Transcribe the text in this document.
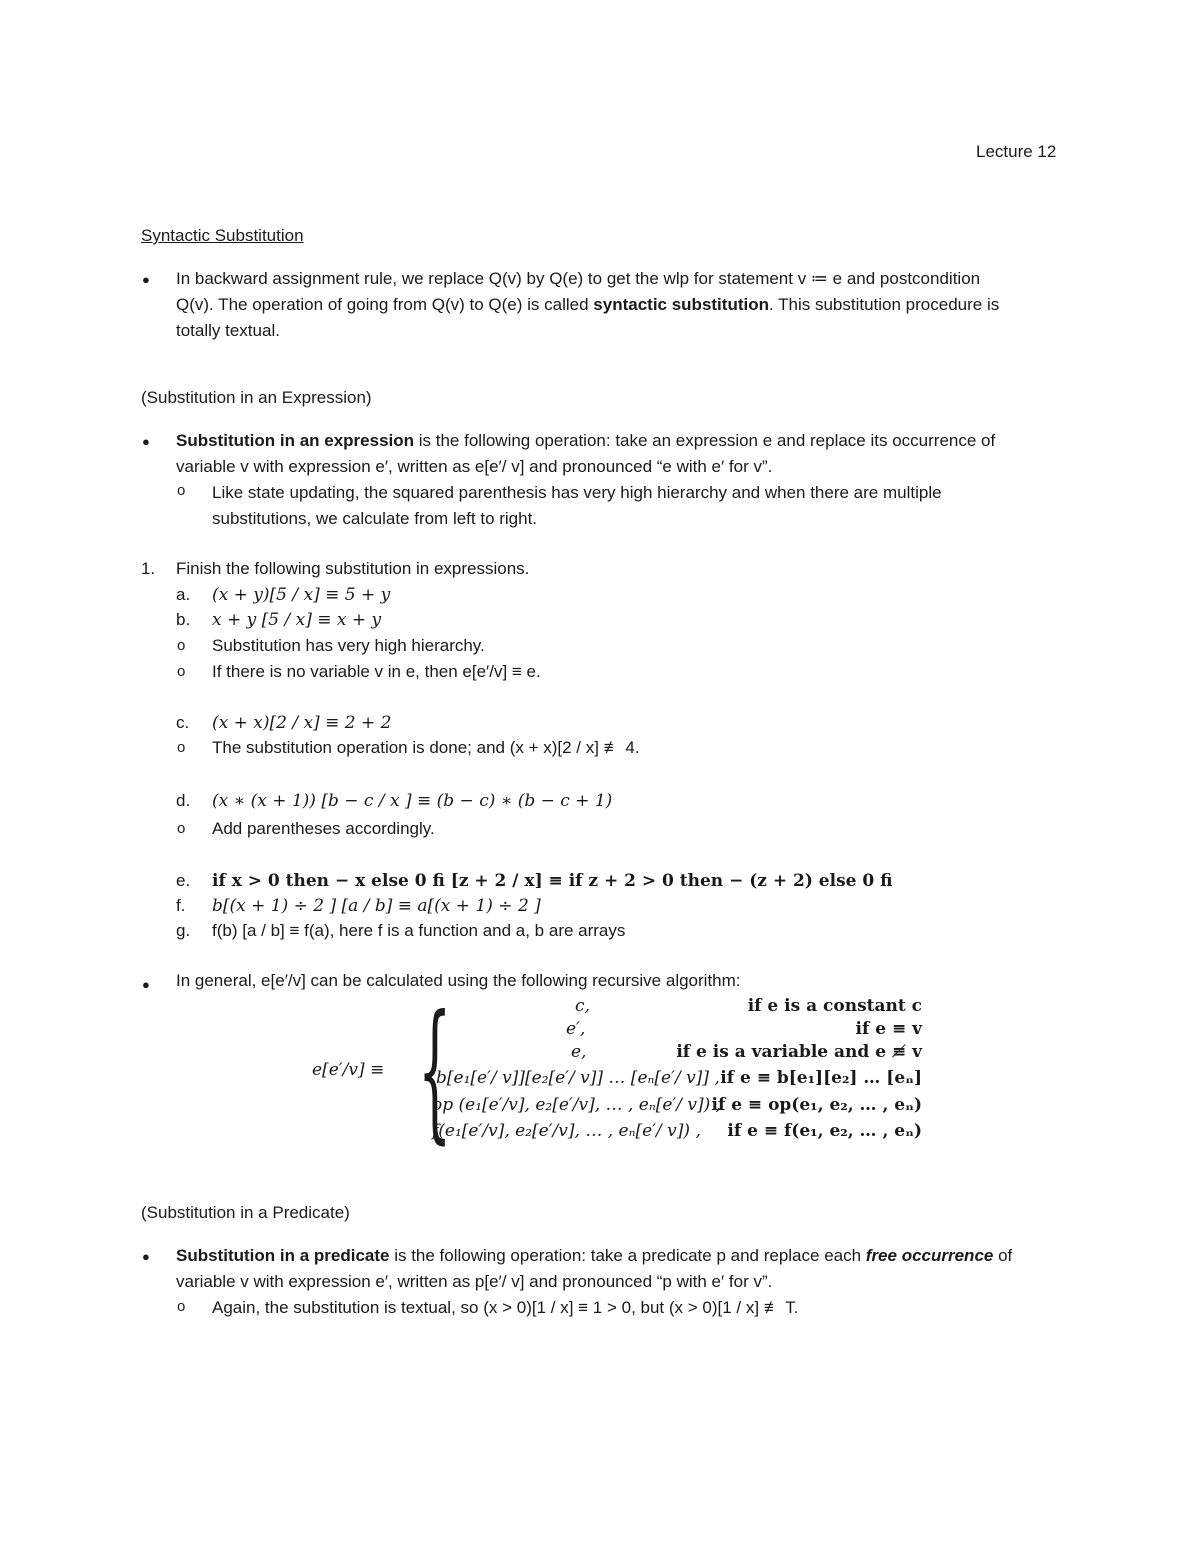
Lecture 12
Syntactic Substitution
● In backward assignment rule, we replace Q(v) by Q(e) to get the wlp for statement v ≔ e and postcondition
Q(v). The operation of going from Q(v) to Q(e) is called syntactic substitution. This substitution procedure is
totally textual.
(Substitution in an Expression)
● Substitution in an expression is the following operation: take an expression e and replace its occurrence of
variable v with expression e′, written as e[e′/ v] and pronounced “e with e′ for v”.
o Like state updating, the squared parenthesis has very high hierarchy and when there are multiple
substitutions, we calculate from left to right.
1. Finish the following substitution in expressions.
a. (x + y)[5 / x] ≡ 5 + y
b. x + y [5 / x] ≡ x + y
o Substitution has very high hierarchy.
o If there is no variable v in e, then e[e′/v] ≡ e.
c. (x + x)[2 / x] ≡ 2 + 2
o The substitution operation is done; and (x + x)[2 / x] ≢ 4.
d. (x ∗ (x + 1)) [b − c / x ] ≡ (b − c) ∗ (b − c + 1)
o Add parentheses accordingly.
e. if x > 0 then − x else 0 fi [z + 2 / x] ≡ if z + 2 > 0 then − (z + 2) else 0 fi
f. b[(x + 1) ÷ 2 ] [a / b] ≡ a[(x + 1) ÷ 2 ]
g. f(b) [a / b] ≡ f(a), here f is a function and a, b are arrays
● In general, e[e′/v] can be calculated using the following recursive algorithm:
e[e′/v] ≡ {	c,	if e is a constant c
e′,	if e ≡ v
e,	if e is a variable and e ≢ v
b[e₁[e′/ v]][e₂[e′/ v]] … [eₙ[e′/ v]] , if e ≡ b[e₁][e₂] … [eₙ]
op (e₁[e′/v], e₂[e′/v], … , eₙ[e′/ v]) ,
if e ≡ op(e₁, e₂, … , eₙ)
f(e₁[e′/v], e₂[e′/v], … , eₙ[e′/ v]) , if e ≡ f(e₁, e₂, … , eₙ)
(Substitution in a Predicate)
● Substitution in a predicate is the following operation: take a predicate p and replace each free occurrence of
variable v with expression e′, written as p[e′/ v] and pronounced “p with e′ for v”.
o Again, the substitution is textual, so (x > 0)[1 / x] ≡ 1 > 0, but (x > 0)[1 / x] ≢ T.
